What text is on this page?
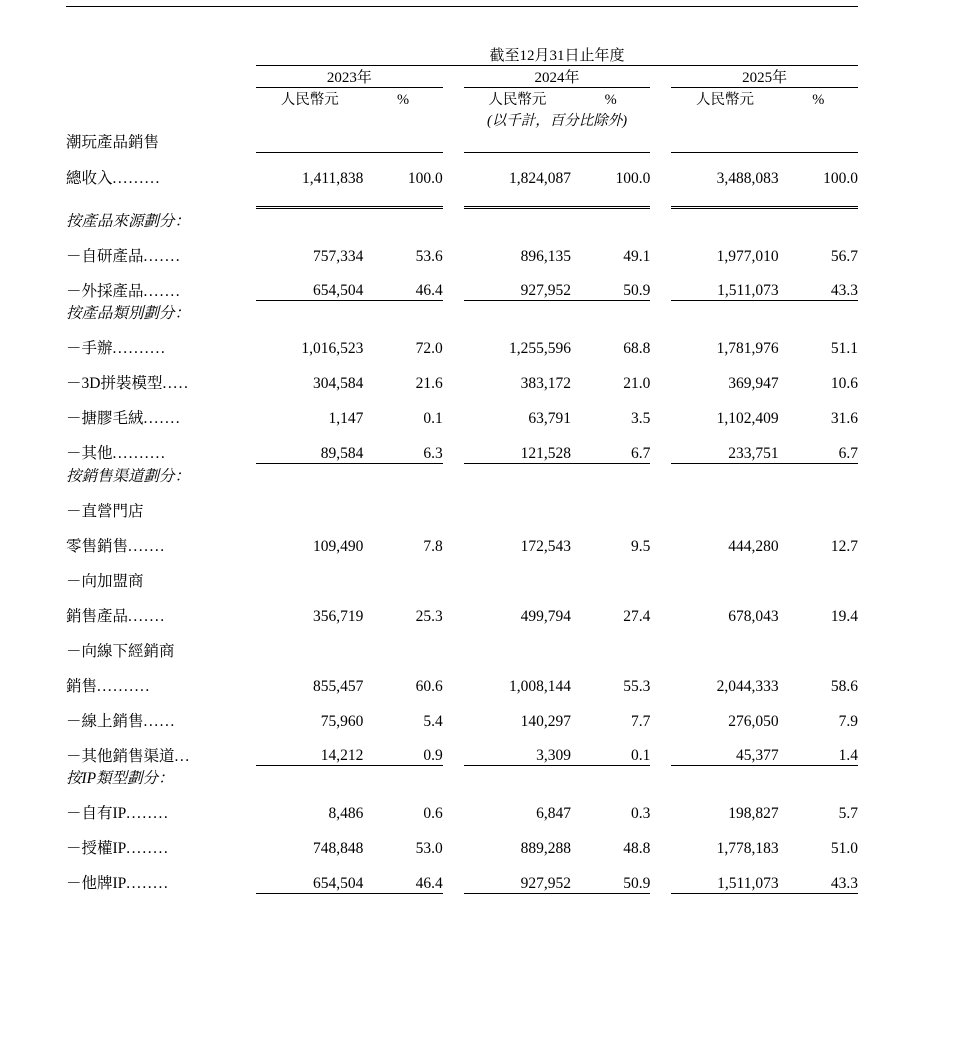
	截至12月31日止年度							
	2023年			2024年			2025年	
	人民幣元	%		人民幣元	%		人民幣元	%
	(以千計，百分比除外)							
潮玩產品銷售								
總收入.........	1,411,838	100.0		1,824,087	100.0		3,488,083	100.0

按產品來源劃分：								
－自研產品.......	757,334	53.6		896,135	49.1		1,977,010	56.7
－外採產品.......	654,504	46.4		927,952	50.9		1,511,073	43.3
按產品類別劃分：								
－手辦..........	1,016,523	72.0		1,255,596	68.8		1,781,976	51.1
－3D拼裝模型.....	304,584	21.6		383,172	21.0		369,947	10.6
－搪膠毛絨.......	1,147	0.1		63,791	3.5		1,102,409	31.6
－其他..........	89,584	6.3		121,528	6.7		233,751	6.7
按銷售渠道劃分：								
－直營門店								
零售銷售.......	109,490	7.8		172,543	9.5		444,280	12.7
－向加盟商								
銷售產品.......	356,719	25.3		499,794	27.4		678,043	19.4
－向線下經銷商								
銷售..........	855,457	60.6		1,008,144	55.3		2,044,333	58.6
－線上銷售......	75,960	5.4		140,297	7.7		276,050	7.9
－其他銷售渠道...	14,212	0.9		3,309	0.1		45,377	1.4
按IP類型劃分：								
－自有IP........	8,486	0.6		6,847	0.3		198,827	5.7
－授權IP........	748,848	53.0		889,288	48.8		1,778,183	51.0
－他牌IP........	654,504	46.4		927,952	50.9		1,511,073	43.3
